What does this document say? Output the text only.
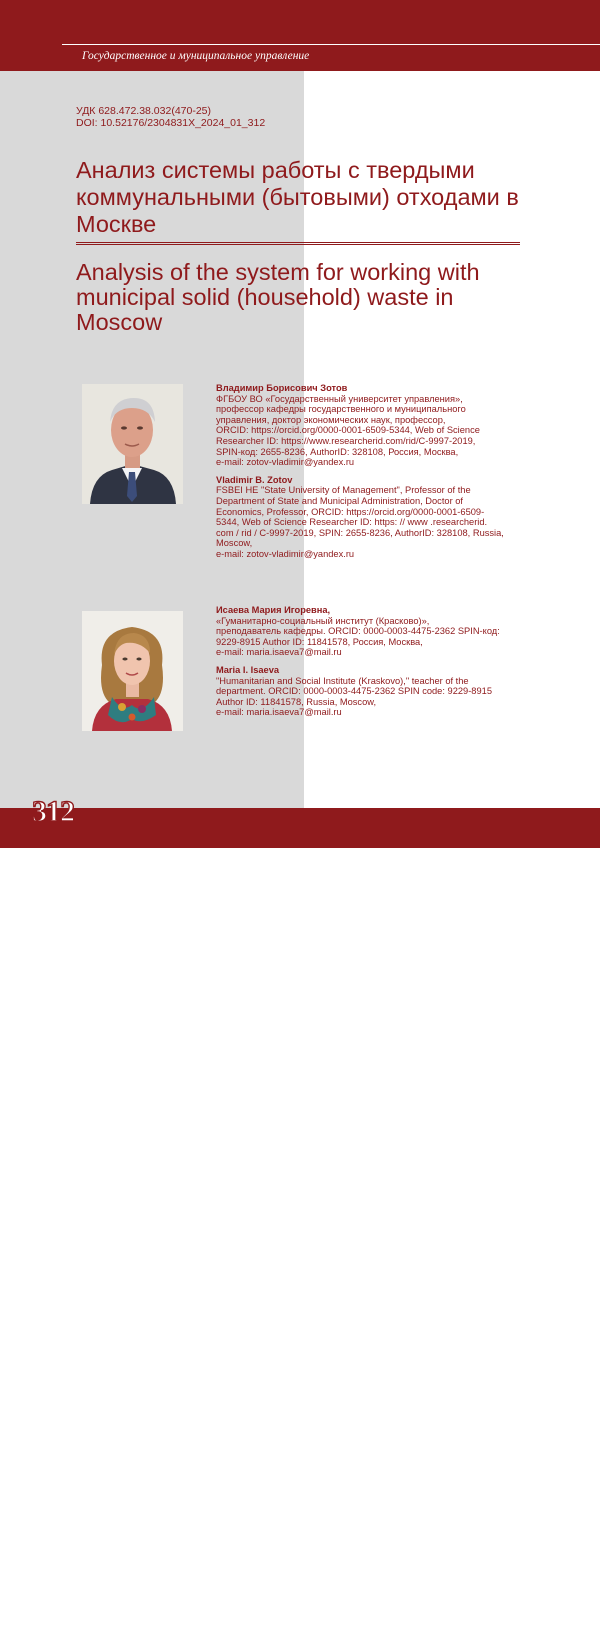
Государственное и муниципальное управление
УДК 628.472.38.032(470-25)
DOI: 10.52176/2304831X_2024_01_312
Анализ системы работы с твердыми коммунальными (бытовыми) отходами в Москве
Analysis of the system for working with municipal solid (household) waste in Moscow
Владимир Борисович Зотов
ФГБОУ ВО «Государственный университет управления»,
профессор кафедры государственного и муниципального
управления, доктор экономических наук, профессор,
ORCID: https://orcid.org/0000-0001-6509-5344, Web of Science
Researcher ID: https://www.researcherid.com/rid/C-9997-2019,
SPIN-код: 2655-8236, AuthorID: 328108, Россия, Москва,
e-mail: zotov-vladimir@yandex.ru
Vladimir B. Zotov
FSBEI HE "State University of Management", Professor of the
Department of State and Municipal Administration, Doctor of
Economics, Professor, ORCID: https://orcid.org/0000-0001-6509-
5344, Web of Science Researcher ID: https: // www .researcherid.
com / rid / C-9997-2019, SPIN: 2655-8236, AuthorID: 328108, Russia,
Moscow,
e-mail: zotov-vladimir@yandex.ru
Исаева Мария Игоревна,
«Гуманитарно-социальный институт (Красково)»,
преподаватель кафедры. ORCID: 0000-0003-4475-2362 SPIN-код:
9229-8915 Author ID: 11841578, Россия, Москва,
e-mail: maria.isaeva7@mail.ru
Maria I. Isaeva
"Humanitarian and Social Institute (Kraskovo)," teacher of the
department. ORCID: 0000-0003-4475-2362 SPIN code: 9229-8915
Author ID: 11841578, Russia, Moscow,
e-mail: maria.isaeva7@mail.ru
© Зотов В. Б., Исаева М. И., 2024
Муниципальная академия, 2024, № 1, с. 312–316.
312
